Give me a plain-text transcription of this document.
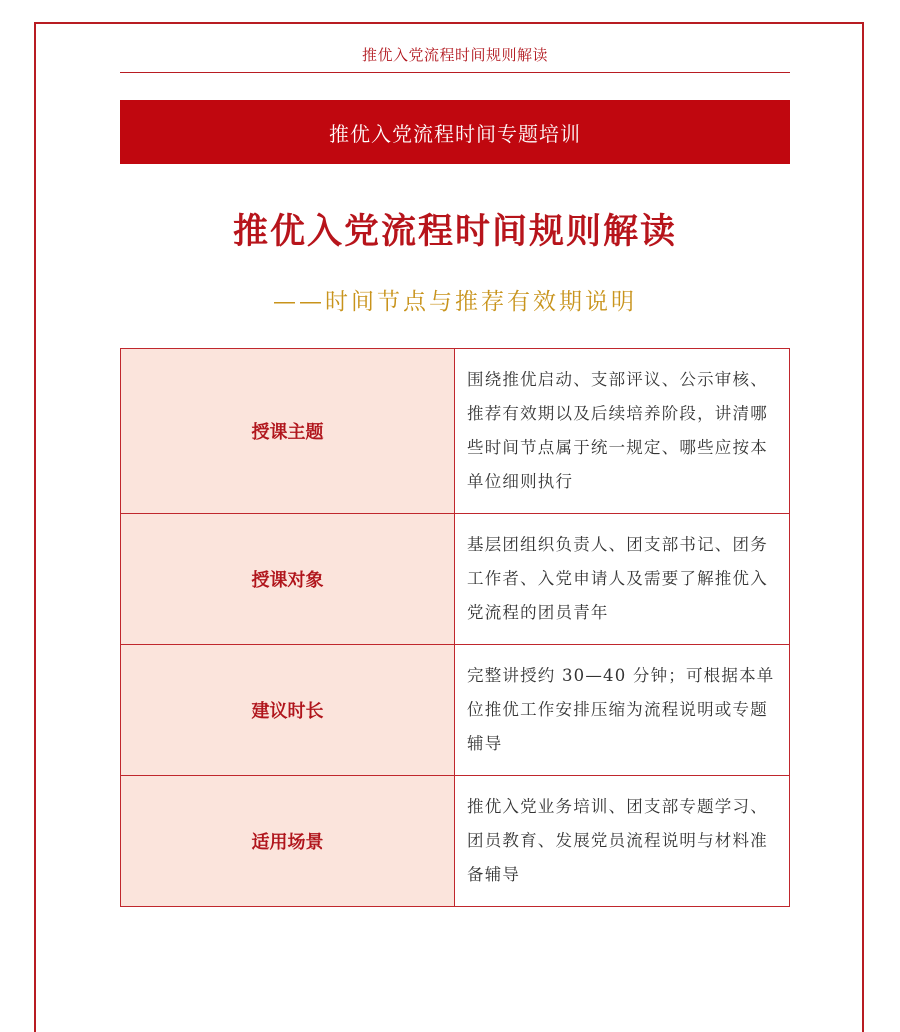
推优入党流程时间规则解读
推优入党流程时间专题培训
推优入党流程时间规则解读
——时间节点与推荐有效期说明
授课主题
围绕推优启动、支部评议、公示审核、推荐有效期以及后续培养阶段，讲清哪些时间节点属于统一规定、哪些应按本单位细则执行
授课对象
基层团组织负责人、团支部书记、团务工作者、入党申请人及需要了解推优入党流程的团员青年
建议时长
完整讲授约 30—40 分钟；可根据本单位推优工作安排压缩为流程说明或专题辅导
适用场景
推优入党业务培训、团支部专题学习、团员教育、发展党员流程说明与材料准备辅导
